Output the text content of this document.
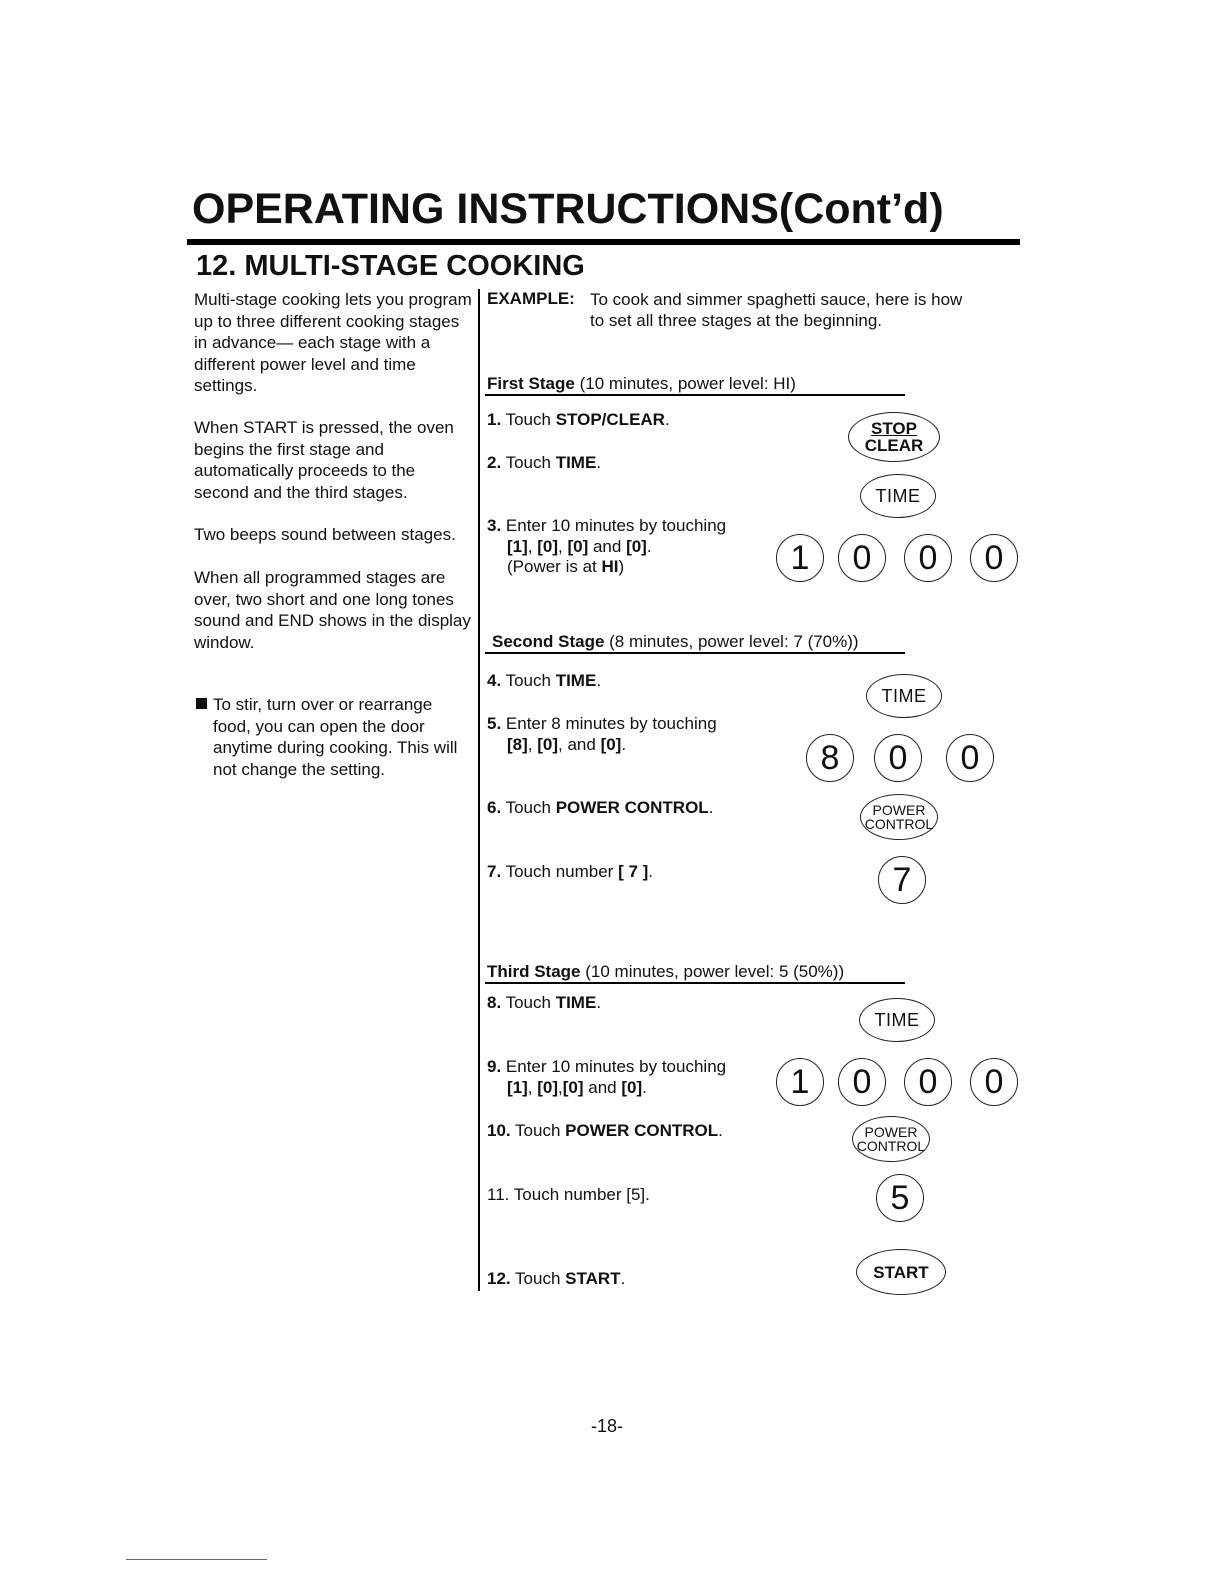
OPERATING INSTRUCTIONS(Cont’d)
12. MULTI-STAGE COOKING
Multi-stage cooking lets you program up to three different cooking stages in advance— each stage with a different power level and time settings.
When START is pressed, the oven begins the first stage and automatically proceeds to the second and the third stages.
Two beeps sound between stages.
When all programmed stages are over, two short and one long tones sound and END shows in the display window.
To stir, turn over or rearrange food, you can open the door anytime during cooking. This will not change the setting.
EXAMPLE: To cook and simmer spaghetti sauce, here is how
to set all three stages at the beginning.
First Stage (10 minutes, power level: HI)
1. Touch STOP/CLEAR.
2. Touch TIME.
3. Enter 10 minutes by touching
[1], [0], [0] and [0].
(Power is at HI)
STOP
CLEAR
TIME
1	0	0	0
Second Stage (8 minutes, power level: 7 (70%))
4. Touch TIME.
5. Enter 8 minutes by touching
[8], [0], and [0].
6. Touch POWER CONTROL.
7. Touch number [ 7 ].
TIME
8	0	0
POWER
CONTROL
7
Third Stage (10 minutes, power level: 5 (50%))
8. Touch TIME.
9. Enter 10 minutes by touching
[1], [0],[0] and [0].
10. Touch POWER CONTROL.
11. Touch number [5].
12. Touch START.
TIME
1	0	0	0
POWER
CONTROL
5
START
-18-
